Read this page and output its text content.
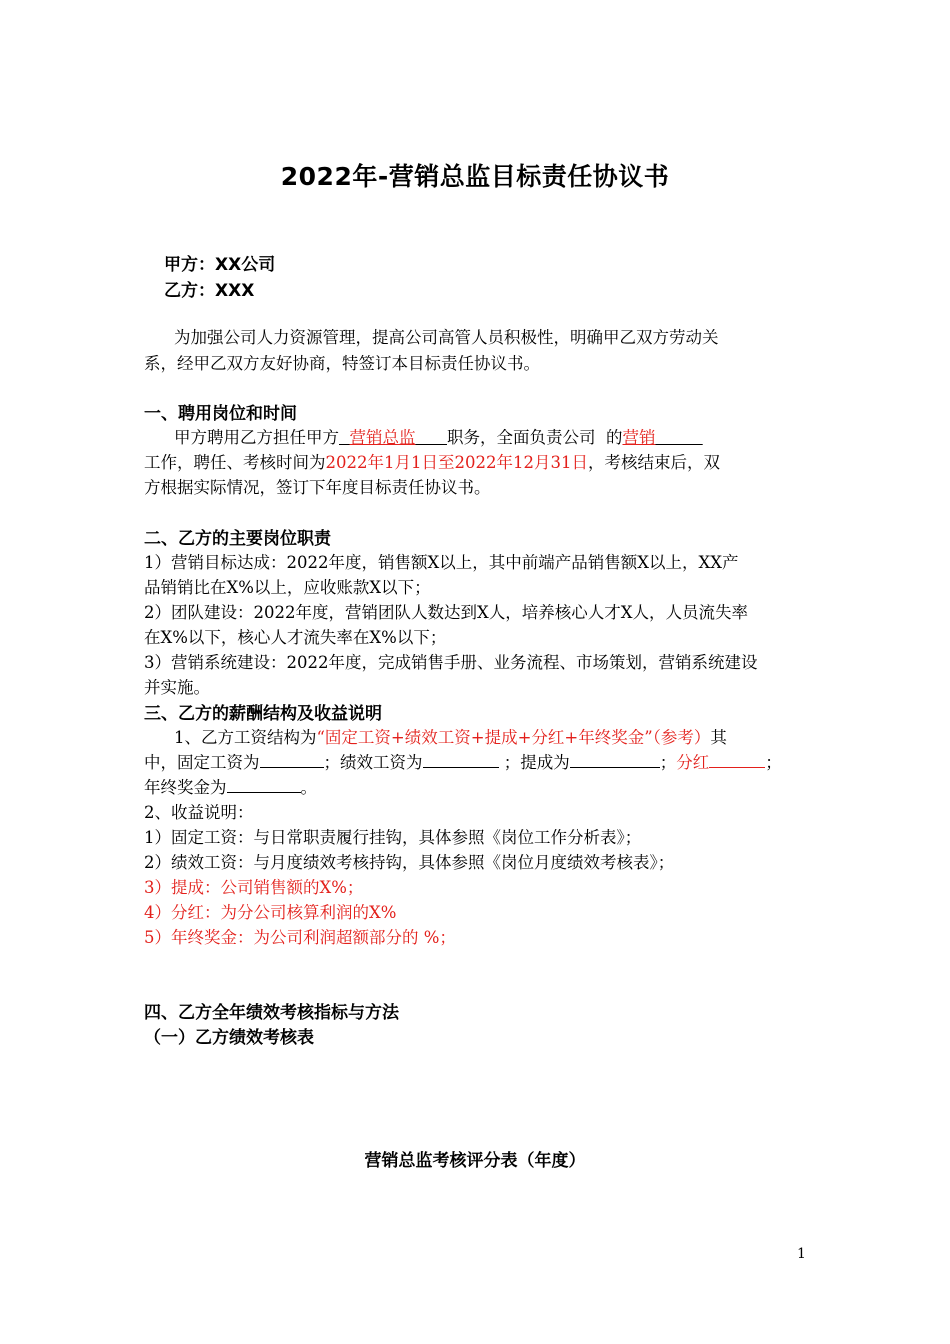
2022年-营销总监目标责任协议书
甲方：XX公司
乙方：XXX
为加强公司人力资源管理，提高公司高管人员积极性，明确甲乙双方劳动关
系，经甲乙双方友好协商，特签订本目标责任协议书。
一、聘用岗位和时间
甲方聘用乙方担任甲方 营销总监 职务，全面负责公司 的营销
工作，聘任、考核时间为2022年1月1日至2022年12月31日，考核结束后，双
方根据实际情况，签订下年度目标责任协议书。
二、乙方的主要岗位职责
1）营销目标达成：2022年度，销售额X以上，其中前端产品销售额X以上，XX产
品销销比在X%以上，应收账款X以下；
2）团队建设：2022年度，营销团队人数达到X人，培养核心人才X人，人员流失率
在X%以下，核心人才流失率在X%以下；
3）营销系统建设：2022年度，完成销售手册、业务流程、市场策划，营销系统建设
并实施。
三、乙方的薪酬结构及收益说明
1、乙方工资结构为“固定工资+绩效工资+提成+分红+年终奖金”（参考）其
中，固定工资为	；绩效工资为	；提成为	；分红	；
年终奖金为	。
2、收益说明：
1）固定工资：与日常职责履行挂钩，具体参照《岗位工作分析表》；
2）绩效工资：与月度绩效考核持钩，具体参照《岗位月度绩效考核表》；
3）提成：公司销售额的X%；
4）分红：为分公司核算利润的X%
5）年终奖金：为公司利润超额部分的 %；
四、乙方全年绩效考核指标与方法
（一）乙方绩效考核表
营销总监考核评分表（年度）
1
